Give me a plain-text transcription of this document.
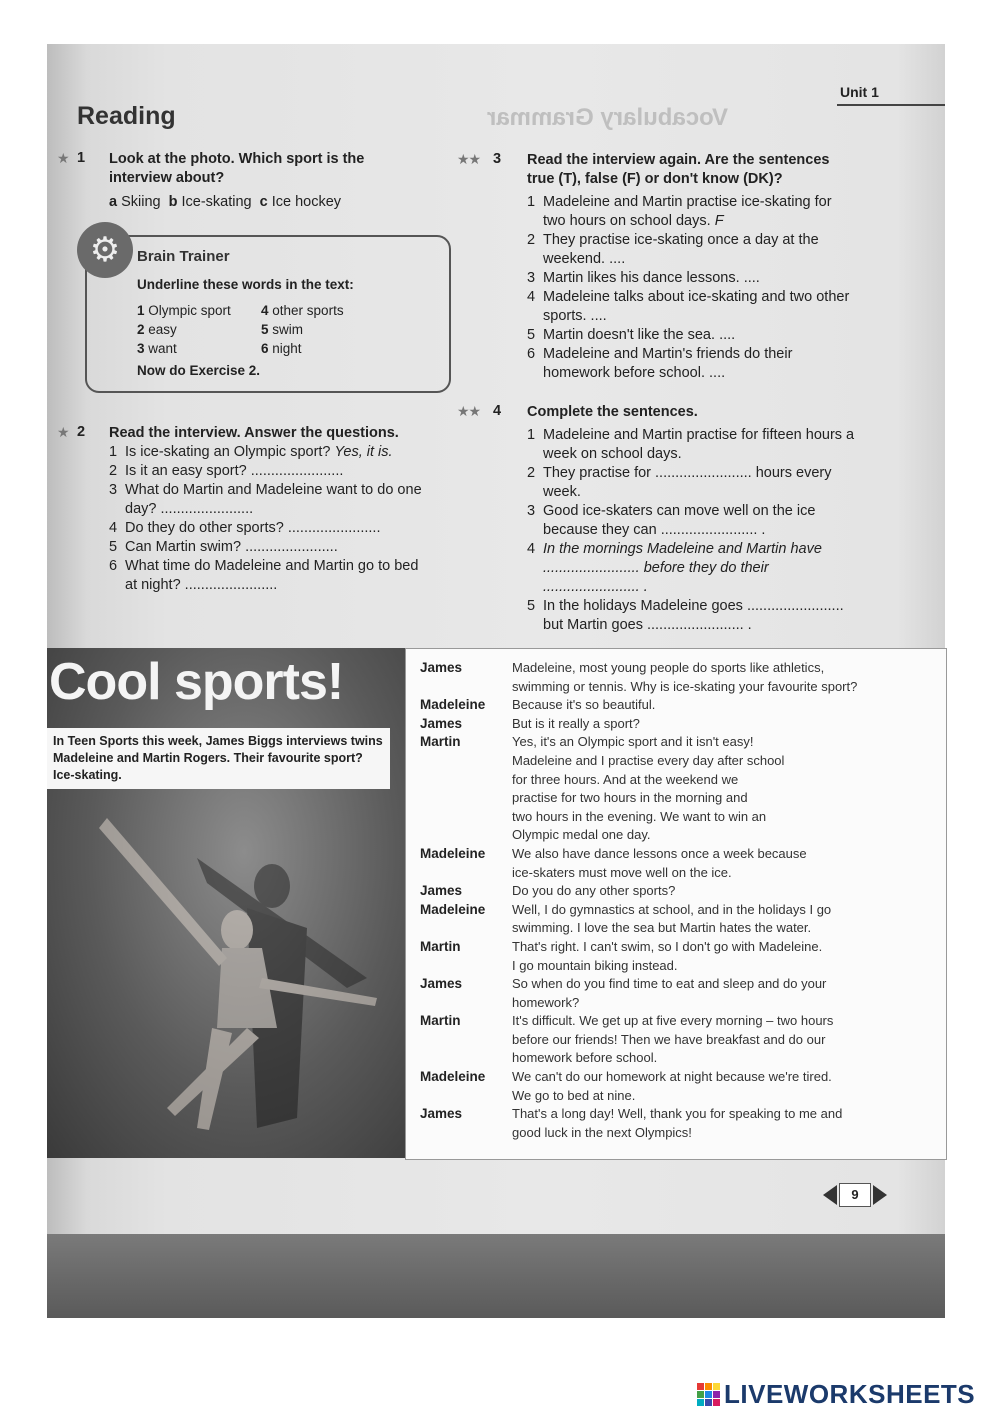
Vocabulary Grammar
Unit 1
Reading
★ 1 Look at the photo. Which sport is the interview about?
a Skiing b Ice-skating c Ice hockey
⚙	Brain Trainer
Underline these words in the text:
1 Olympic sport	4 other sports
2 easy	5 swim
3 want	6 night
Now do Exercise 2.
★ 2 Read the interview. Answer the questions.
1 Is ice-skating an Olympic sport? Yes, it is.
2 Is it an easy sport? .......................
3 What do Martin and Madeleine want to do one day? .......................
4 Do they do other sports? .......................
5 Can Martin swim? .......................
6 What time do Madeleine and Martin go to bed at night? .......................
★★ 3 Read the interview again. Are the sentences true (T), false (F) or don't know (DK)?
1 Madeleine and Martin practise ice-skating for two hours on school days. F
2 They practise ice-skating once a day at the weekend. ....
3 Martin likes his dance lessons. ....
4 Madeleine talks about ice-skating and two other sports. ....
5 Martin doesn't like the sea. ....
6 Madeleine and Martin's friends do their homework before school. ....
★★ 4 Complete the sentences.
1 Madeleine and Martin practise for fifteen hours a week on school days.
2 They practise for ........................ hours every week.
3 Good ice-skaters can move well on the ice because they can ........................ .
4 In the mornings Madeleine and Martin have ........................ before they do their ........................ .
5 In the holidays Madeleine goes ........................ but Martin goes ........................ .
Cool sports!
In Teen Sports this week, James Biggs interviews twins Madeleine and Martin Rogers. Their favourite sport? Ice-skating.
James	Madeleine, most young people do sports like athletics,
swimming or tennis. Why is ice-skating your favourite sport?
Madeleine	Because it's so beautiful.
James	But is it really a sport?
Martin	Yes, it's an Olympic sport and it isn't easy!
Madeleine and I practise every day after school
for three hours. And at the weekend we
practise for two hours in the morning and
two hours in the evening. We want to win an
Olympic medal one day.
Madeleine	We also have dance lessons once a week because
ice-skaters must move well on the ice.
James	Do you do any other sports?
Madeleine	Well, I do gymnastics at school, and in the holidays I go
swimming. I love the sea but Martin hates the water.
Martin	That's right. I can't swim, so I don't go with Madeleine.
I go mountain biking instead.
James	So when do you find time to eat and sleep and do your
homework?
Martin	It's difficult. We get up at five every morning – two hours
before our friends! Then we have breakfast and do our
homework before school.
Madeleine	We can't do our homework at night because we're tired.
We go to bed at nine.
James	That's a long day! Well, thank you for speaking to me and
good luck in the next Olympics!
9
LIVEWORKSHEETS
